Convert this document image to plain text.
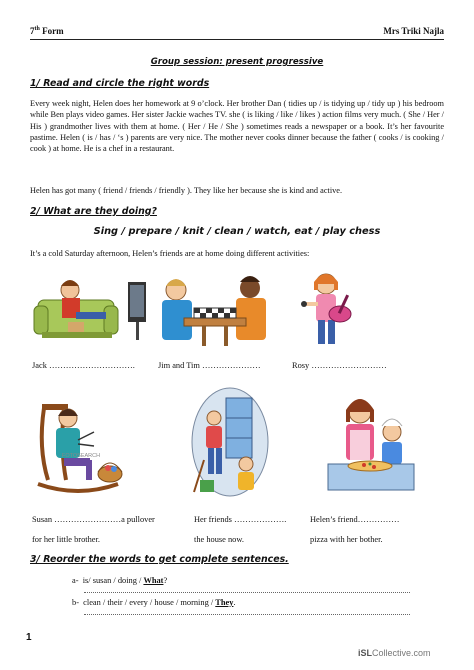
7th Form	Mrs Triki Najla
Group session: present progressive
1/ Read and circle the right words
Every week night, Helen does her homework at 9 o’clock. Her brother Dan ( tidies up / is tidying up / tidy up ) his bedroom while Ben plays video games. Her sister Jackie waches TV. she ( is liking / like / likes ) action films very much. ( She / Her / His ) grandmother lives with them at home. ( Her / He / She ) sometimes reads a newspaper or a book. It’s her favourite pastime. Helen ( is / has / ‘s ) parents are very nice. The mother never cooks dinner because the father ( cooks / is cooking / cook ) at home. He is a chef in a restaurant.
Helen has got many ( friend / friends / friendly ). They like her because she is kind and active.
2/ What are they doing?
Sing / prepare / knit / clean / watch, eat / play chess
It’s a cold Saturday afternoon, Helen’s friends are at home doing different activities:
Jack ………………………….	Jim and Tim …………………	Rosy ………………………
FOTOSEARCH
Susan ……………………a pullover	Her friends ……………….	Helen’s friend……………
for her little brother.	the house now.	pizza with her bother.
3/ Reorder the words to get complete sentences.
a- is/ susan / doing / What?
b- clean / their / every / house / morning / They.
1
iSLCollective.com
